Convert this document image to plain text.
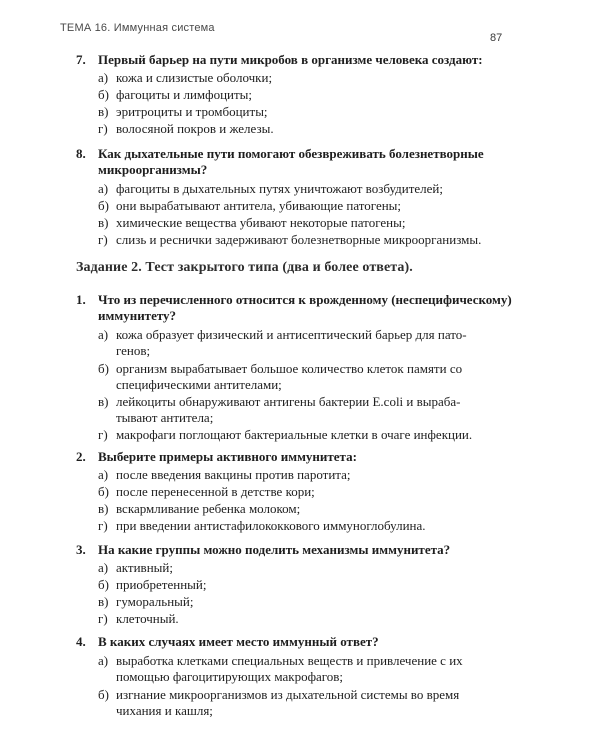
ТЕМА 16. Иммунная система
87
7. Первый барьер на пути микробов в организме человека создают:
а) кожа и слизистые оболочки;
б) фагоциты и лимфоциты;
в) эритроциты и тромбоциты;
г) волосяной покров и железы.
8. Как дыхательные пути помогают обезвреживать болезнетворные
микроорганизмы?
а) фагоциты в дыхательных путях уничтожают возбудителей;
б) они вырабатывают антитела, убивающие патогены;
в) химические вещества убивают некоторые патогены;
г) слизь и реснички задерживают болезнетворные микроорганизмы.
Задание 2. Тест закрытого типа (два и более ответа).
1. Что из перечисленного относится к врожденному (неспецифическому)
иммунитету?
а) кожа образует физический и антисептический барьер для пато-
генов;
б) организм вырабатывает большое количество клеток памяти со
специфическими антителами;
в) лейкоциты обнаруживают антигены бактерии E.coli и выраба-
тывают антитела;
г) макрофаги поглощают бактериальные клетки в очаге инфекции.
2. Выберите примеры активного иммунитета:
а) после введения вакцины против паротита;
б) после перенесенной в детстве кори;
в) вскармливание ребенка молоком;
г) при введении антистафилококкового иммуноглобулина.
3. На какие группы можно поделить механизмы иммунитета?
а) активный;
б) приобретенный;
в) гуморальный;
г) клеточный.
4. В каких случаях имеет место иммунный ответ?
а) выработка клетками специальных веществ и привлечение с их
помощью фагоцитирующих макрофагов;
б) изгнание микроорганизмов из дыхательной системы во время
чихания и кашля;
